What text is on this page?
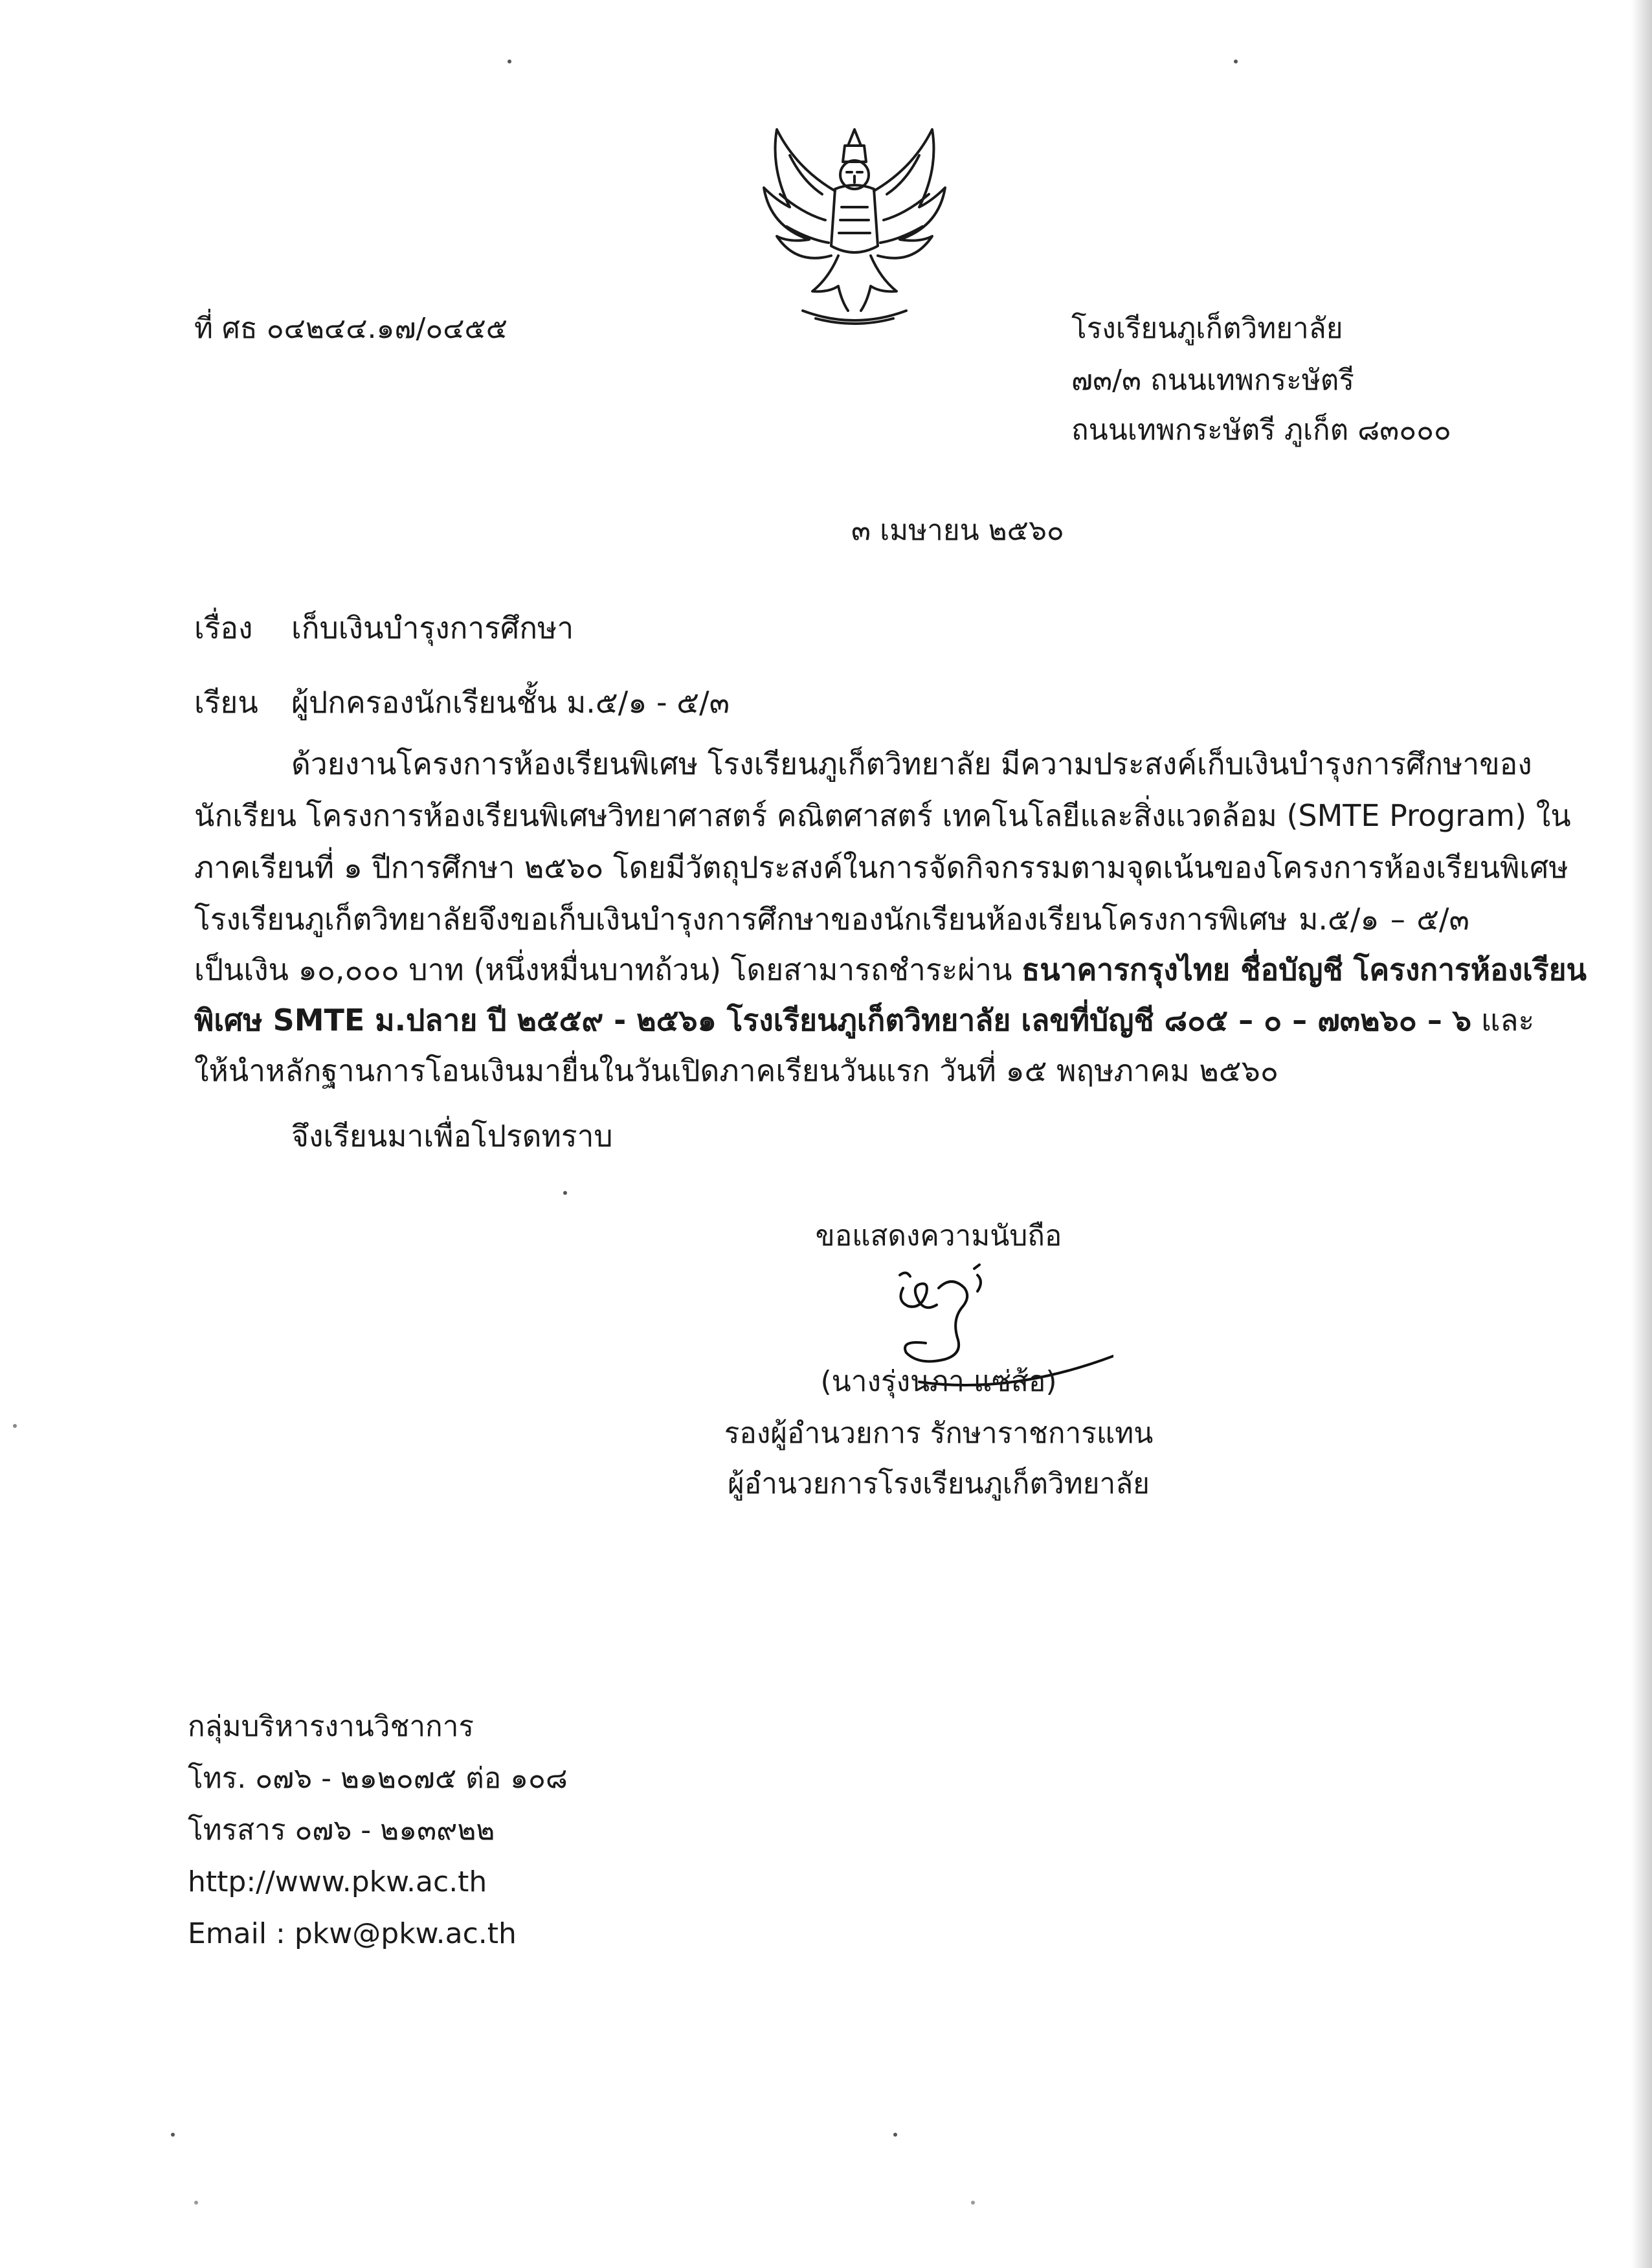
ที่ ศธ ๐๔๒๔๔.๑๗/๐๔๕๕	โรงเรียนภูเก็ตวิทยาลัย
๗๓/๓ ถนนเทพกระษัตรี
ถนนเทพกระษัตรี ภูเก็ต ๘๓๐๐๐
๓ เมษายน ๒๕๖๐
เรื่อง เก็บเงินบำรุงการศึกษา
เรียน ผู้ปกครองนักเรียนชั้น ม.๕/๑ - ๕/๓
ด้วยงานโครงการห้องเรียนพิเศษ โรงเรียนภูเก็ตวิทยาลัย มีความประสงค์เก็บเงินบำรุงการศึกษาของ
นักเรียน โครงการห้องเรียนพิเศษวิทยาศาสตร์ คณิตศาสตร์ เทคโนโลยีและสิ่งแวดล้อม (SMTE Program) ใน
ภาคเรียนที่ ๑ ปีการศึกษา ๒๕๖๐ โดยมีวัตถุประสงค์ในการจัดกิจกรรมตามจุดเน้นของโครงการห้องเรียนพิเศษ
โรงเรียนภูเก็ตวิทยาลัยจึงขอเก็บเงินบำรุงการศึกษาของนักเรียนห้องเรียนโครงการพิเศษ ม.๕/๑ – ๕/๓
เป็นเงิน ๑๐,๐๐๐ บาท (หนึ่งหมื่นบาทถ้วน) โดยสามารถชำระผ่าน ธนาคารกรุงไทย ชื่อบัญชี โครงการห้องเรียน
พิเศษ SMTE ม.ปลาย ปี ๒๕๕๙ - ๒๕๖๑ โรงเรียนภูเก็ตวิทยาลัย เลขที่บัญชี ๘๐๕ – ๐ – ๗๓๒๖๐ – ๖ และ
ให้นำหลักฐานการโอนเงินมายื่นในวันเปิดภาคเรียนวันแรก วันที่ ๑๕ พฤษภาคม ๒๕๖๐
จึงเรียนมาเพื่อโปรดทราบ
ขอแสดงความนับถือ
(นางรุ่งนภา แซ่ส้อ)
รองผู้อำนวยการ รักษาราชการแทน
ผู้อำนวยการโรงเรียนภูเก็ตวิทยาลัย
กลุ่มบริหารงานวิชาการ
โทร. ๐๗๖ - ๒๑๒๐๗๕ ต่อ ๑๐๘
โทรสาร ๐๗๖ - ๒๑๓๙๒๒
http://www.pkw.ac.th
Email : pkw@pkw.ac.th
